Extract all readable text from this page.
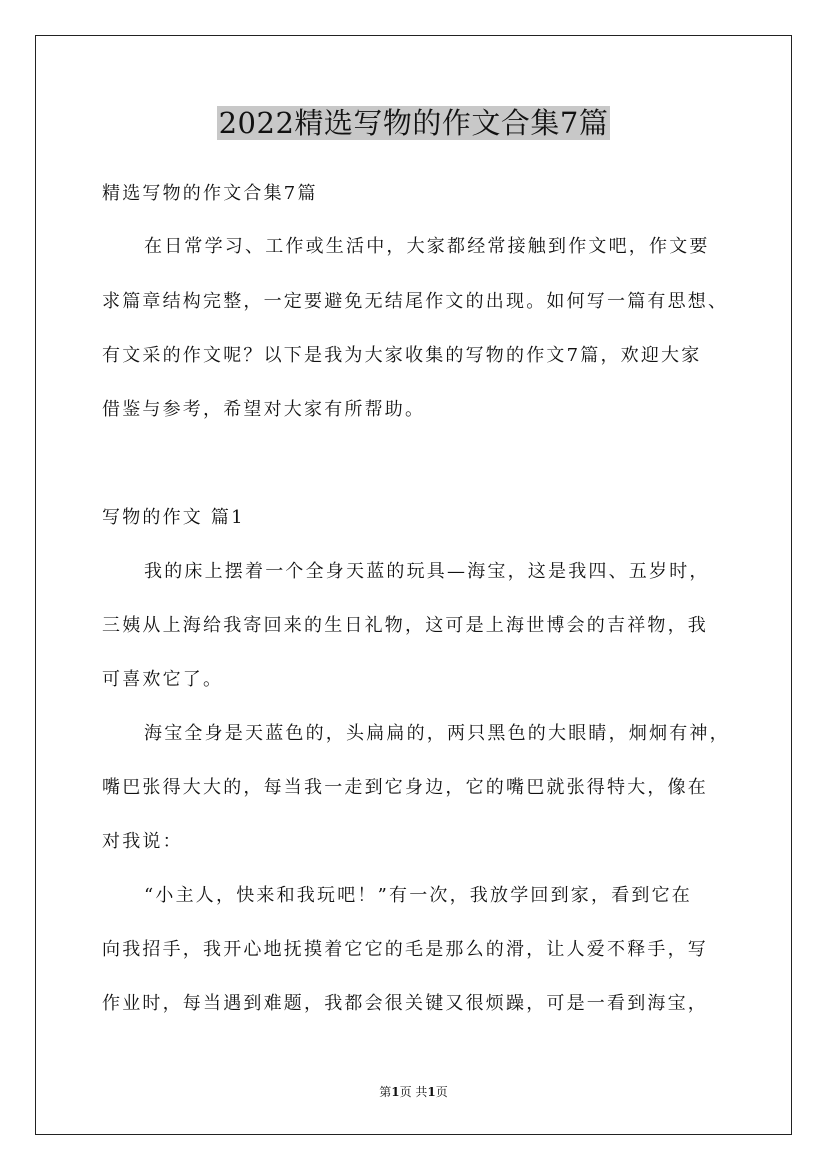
2022精选写物的作文合集7篇

精选写物的作文合集7篇

在日常学习、工作或生活中，大家都经常接触到作文吧，作文要

求篇章结构完整，一定要避免无结尾作文的出现。如何写一篇有思想、

有文采的作文呢？以下是我为大家收集的写物的作文7篇，欢迎大家

借鉴与参考，希望对大家有所帮助。

写物的作文 篇1

我的床上摆着一个全身天蓝的玩具—海宝，这是我四、五岁时，

三姨从上海给我寄回来的生日礼物，这可是上海世博会的吉祥物，我

可喜欢它了。

海宝全身是天蓝色的，头扁扁的，两只黑色的大眼睛，炯炯有神，

嘴巴张得大大的，每当我一走到它身边，它的嘴巴就张得特大，像在

对我说：

“小主人，快来和我玩吧！”有一次，我放学回到家，看到它在

向我招手，我开心地抚摸着它它的毛是那么的滑，让人爱不释手，写

作业时，每当遇到难题，我都会很关键又很烦躁，可是一看到海宝，

第1页 共1页
